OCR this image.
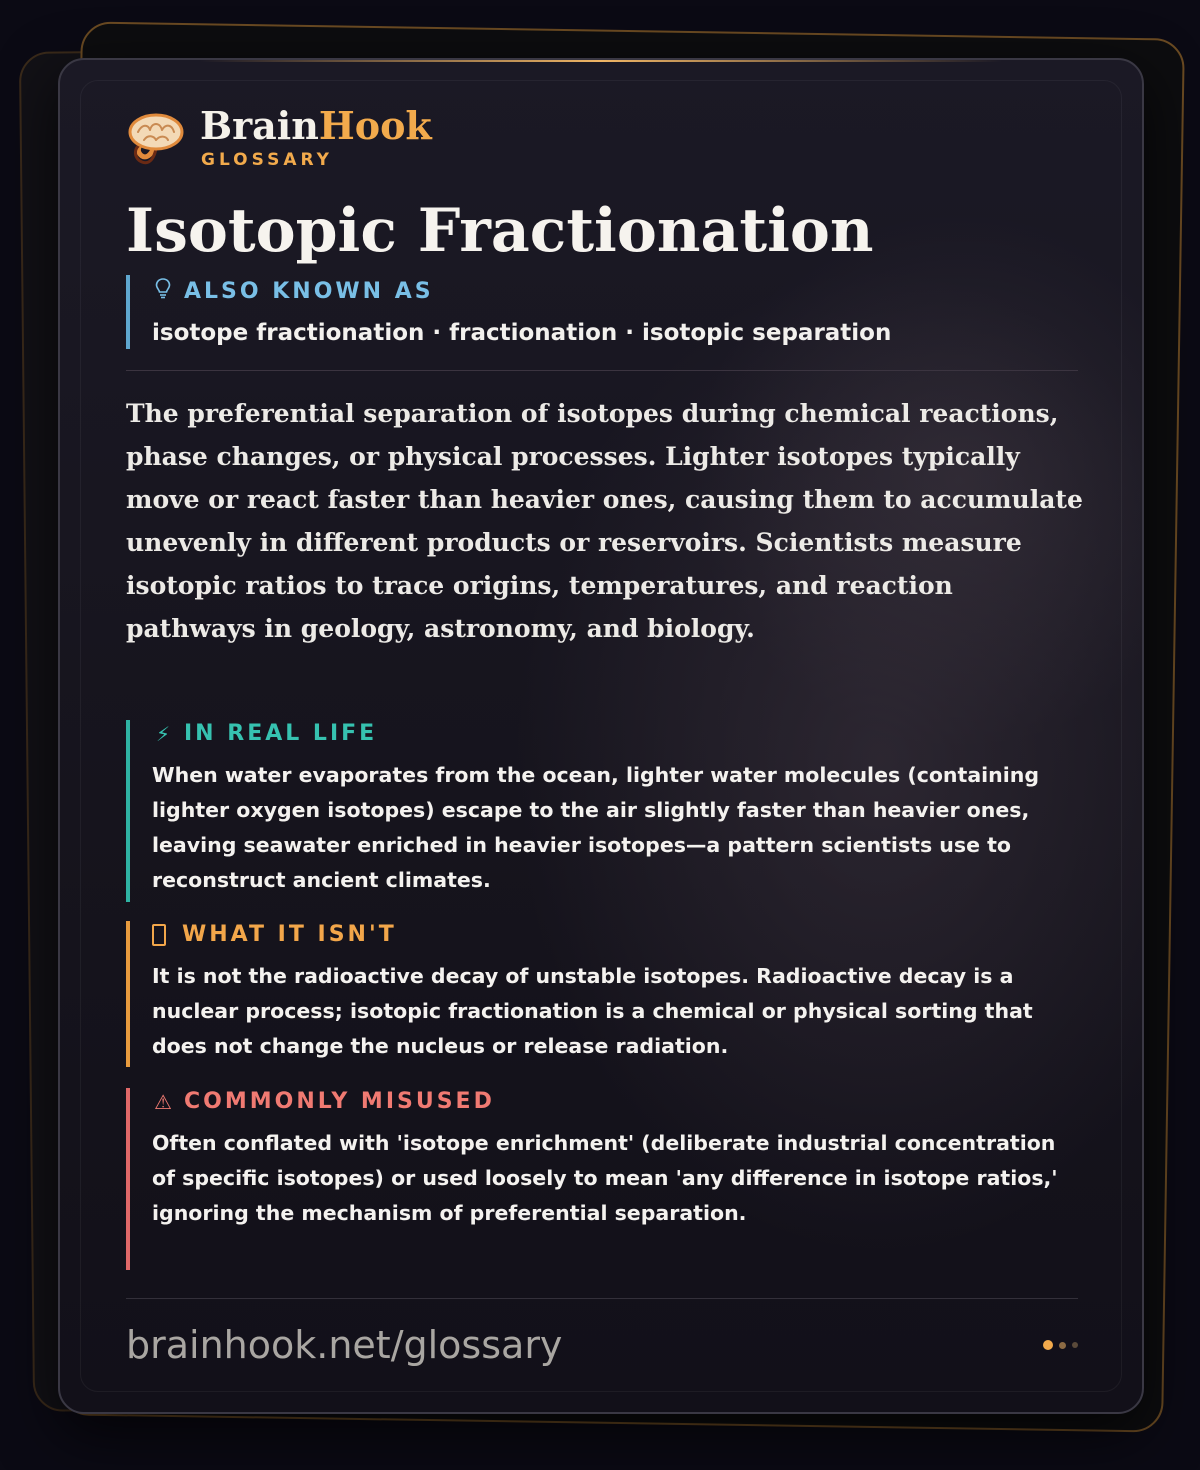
BrainHook
GLOSSARY
Isotopic Fractionation
ALSO KNOWN AS
isotope fractionation · fractionation · isotopic separation

The preferential separation of isotopes during chemical reactions, phase changes, or physical processes. Lighter isotopes typically move or react faster than heavier ones, causing them to accumulate unevenly in different products or reservoirs. Scientists measure isotopic ratios to trace origins, temperatures, and reaction pathways in geology, astronomy, and biology.

⚡ IN REAL LIFE
When water evaporates from the ocean, lighter water molecules (containing lighter oxygen isotopes) escape to the air slightly faster than heavier ones, leaving seawater enriched in heavier isotopes—a pattern scientists use to reconstruct ancient climates.
WHAT IT ISN'T
It is not the radioactive decay of unstable isotopes. Radioactive decay is a nuclear process; isotopic fractionation is a chemical or physical sorting that does not change the nucleus or release radiation.
⚠ COMMONLY MISUSED
Often conflated with 'isotope enrichment' (deliberate industrial concentration of specific isotopes) or used loosely to mean 'any difference in isotope ratios,' ignoring the mechanism of preferential separation.
brainhook.net/glossary
